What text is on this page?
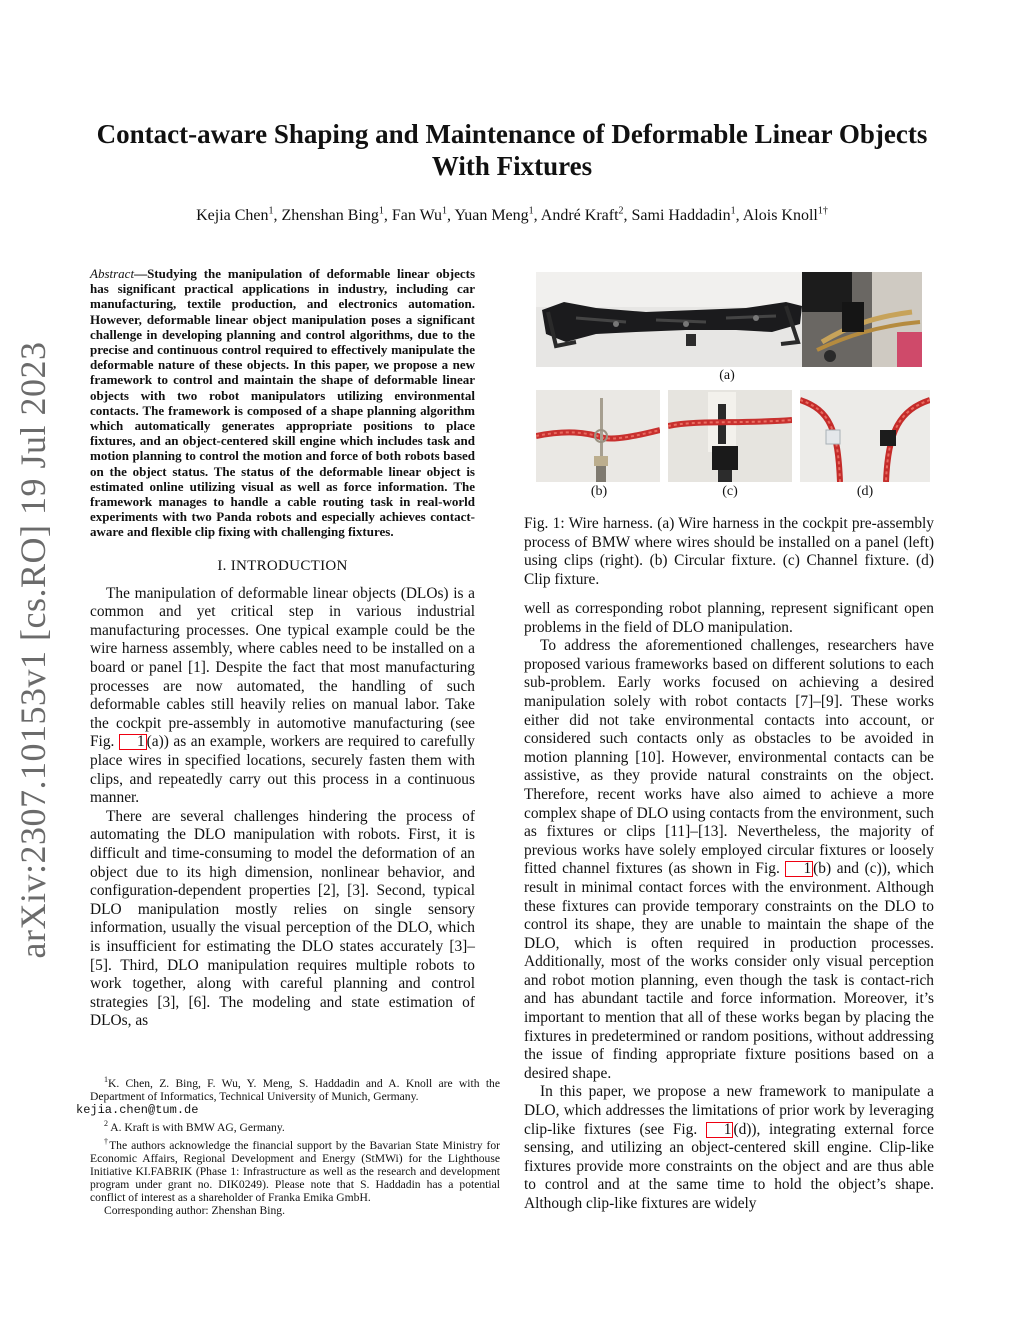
arXiv:2307.10153v1 [cs.RO] 19 Jul 2023
Contact-aware Shaping and Maintenance of Deformable Linear Objects
With Fixtures
Kejia Chen$^1$, Zhenshan Bing$^1$, Fan Wu$^1$, Yuan Meng$^1$, André Kraft$^2$, Sami Haddadin$^1$, Alois Knoll$^{1\dagger}$

Abstract—Studying the manipulation of deformable linear objects has significant practical applications in industry, including car manufacturing, textile production, and electronics automation. However, deformable linear object manipulation poses a significant challenge in developing planning and control algorithms, due to the precise and continuous control required to effectively manipulate the deformable nature of these objects. In this paper, we propose a new framework to control and maintain the shape of deformable linear objects with two robot manipulators utilizing environmental contacts. The framework is composed of a shape planning algorithm which automatically generates appropriate positions to place fixtures, and an object-centered skill engine which includes task and motion planning to control the motion and force of both robots based on the object status. The status of the deformable linear object is estimated online utilizing visual as well as force information. The framework manages to handle a cable routing task in real-world experiments with two Panda robots and especially achieves contact-aware and flexible clip fixing with challenging fixtures.

I. INTRODUCTION

The manipulation of deformable linear objects (DLOs) is a common and yet critical step in various industrial manufacturing processes. One typical example could be the wire harness assembly, where cables need to be installed on a board or panel [1]. Despite the fact that most manufacturing processes are now automated, the handling of such deformable cables still heavily relies on manual labor. Take the cockpit pre-assembly in automotive manufacturing (see Fig. 1 (a)) as an example, workers are required to carefully place wires in specified locations, securely fasten them with clips, and repeatedly carry out this process in a continuous manner.

There are several challenges hindering the process of automating the DLO manipulation with robots. First, it is difficult and time-consuming to model the deformation of an object due to its high dimension, nonlinear behavior, and configuration-dependent properties [2], [3]. Second, typical DLO manipulation mostly relies on single sensory information, usually the visual perception of the DLO, which is insufficient for estimating the DLO states accurately [3]–[5]. Third, DLO manipulation requires multiple robots to work together, along with careful planning and control strategies [3], [6]. The modeling and state estimation of DLOs, as

$^1$K. Chen, Z. Bing, F. Wu, Y. Meng, S. Haddadin and A. Knoll are with the Department of Informatics, Technical University of Munich, Germany.
kejia.chen@tum.de

$^2$ A. Kraft is with BMW AG, Germany.

†The authors acknowledge the financial support by the Bavarian State Ministry for Economic Affairs, Regional Development and Energy (StMWi) for the Lighthouse Initiative KI.FABRIK (Phase 1: Infrastructure as well as the research and development program under grant no. DIK0249). Please note that S. Haddadin has a potential conflict of interest as a shareholder of Franka Emika GmbH.

Corresponding author: Zhenshan Bing.

(a)
(b)	(c)	(d)
Fig. 1: Wire harness. (a) Wire harness in the cockpit pre-assembly process of BMW where wires should be installed on a panel (left) using clips (right). (b) Circular fixture. (c) Channel fixture. (d) Clip fixture.

well as corresponding robot planning, represent significant open problems in the field of DLO manipulation.

To address the aforementioned challenges, researchers have proposed various frameworks based on different solutions to each sub-problem. Early works focused on achieving a desired manipulation solely with robot contacts [7]–[9]. These works either did not take environmental contacts into account, or considered such contacts only as obstacles to be avoided in motion planning [10]. However, environmental contacts can be assistive, as they provide natural constraints on the object. Therefore, recent works have also aimed to achieve a more complex shape of DLO using contacts from the environment, such as fixtures or clips [11]–[13]. Nevertheless, the majority of previous works have solely employed circular fixtures or loosely fitted channel fixtures (as shown in Fig. 1 (b) and (c)), which result in minimal contact forces with the environment. Although these fixtures can provide temporary constraints on the DLO to control its shape, they are unable to maintain the shape of the DLO, which is often required in production processes. Additionally, most of the works consider only visual perception and robot motion planning, even though the task is contact-rich and has abundant tactile and force information. Moreover, it’s important to mention that all of these works began by placing the fixtures in predetermined or random positions, without addressing the issue of finding appropriate fixture positions based on a desired shape.

In this paper, we propose a new framework to manipulate a DLO, which addresses the limitations of prior work by leveraging clip-like fixtures (see Fig. 1 (d)), integrating external force sensing, and utilizing an object-centered skill engine. Clip-like fixtures provide more constraints on the object and are thus able to control and at the same time to hold the object’s shape. Although clip-like fixtures are widely
